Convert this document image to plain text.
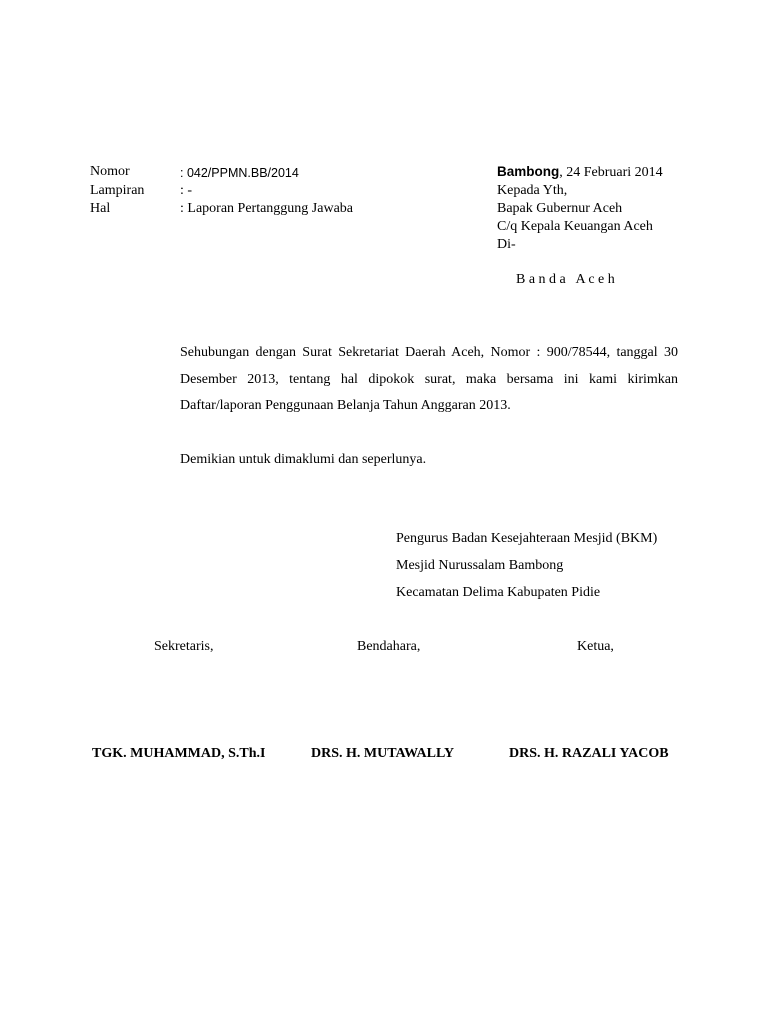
Nomor	: 042/PPMN.BB/2014
Lampiran	: -
Hal	: Laporan Pertanggung Jawaba
Bambong, 24 Februari 2014
Kepada Yth,
Bapak Gubernur Aceh
C/q Kepala Keuangan Aceh
Di-
B a n d a   A c e h
Sehubungan dengan Surat Sekretariat Daerah Aceh, Nomor : 900/78544, tanggal 30 Desember 2013, tentang hal dipokok surat, maka bersama ini kami kirimkan Daftar/laporan Penggunaan Belanja Tahun Anggaran 2013.
Demikian untuk dimaklumi dan seperlunya.
Pengurus Badan Kesejahteraan Mesjid (BKM)
Mesjid Nurussalam Bambong
Kecamatan Delima Kabupaten Pidie
Sekretaris,	Bendahara,	Ketua,
TGK. MUHAMMAD, S.Th.I	DRS. H. MUTAWALLY	DRS. H. RAZALI YACOB
